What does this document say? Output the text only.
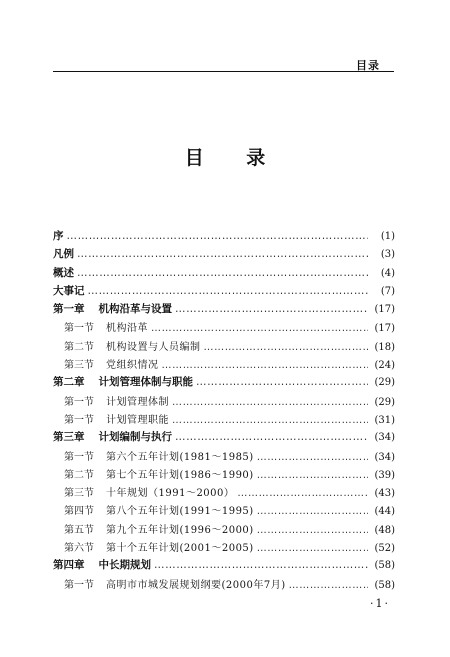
目录
目 录
序 …………………………………………………………………………………………………………………………	(1)
凡例 …………………………………………………………………………………………………………………………	(3)
概述 …………………………………………………………………………………………………………………………	(4)
大事记 …………………………………………………………………………………………………………………………	(7)
第一章 机构沿革与设置 …………………………………………………………………………………………………………………………	(17)
第一节 机构沿革 …………………………………………………………………………………………………………………………	(17)
第二节 机构设置与人员编制 …………………………………………………………………………………………………………………………	(18)
第三节 党组织情况 …………………………………………………………………………………………………………………………	(24)
第二章 计划管理体制与职能 …………………………………………………………………………………………………………………………	(29)
第一节 计划管理体制 …………………………………………………………………………………………………………………………	(29)
第一节 计划管理职能 …………………………………………………………………………………………………………………………	(31)
第三章 计划编制与执行 …………………………………………………………………………………………………………………………	(34)
第一节 第六个五年计划(1981～1985) …………………………………………………………………………………………………………………………	(34)
第二节 第七个五年计划(1986～1990) …………………………………………………………………………………………………………………………	(39)
第三节 十年规划（1991～2000） …………………………………………………………………………………………………………………………	(43)
第四节 第八个五年计划(1991～1995) …………………………………………………………………………………………………………………………	(44)
第五节 第九个五年计划(1996～2000) …………………………………………………………………………………………………………………………	(48)
第六节 第十个五年计划(2001～2005) …………………………………………………………………………………………………………………………	(52)
第四章 中长期规划 …………………………………………………………………………………………………………………………	(58)
第一节 高明市市城发展规划纲要(2000年7月) …………………………………………………………………………………………………………………………	(58)
·1·
